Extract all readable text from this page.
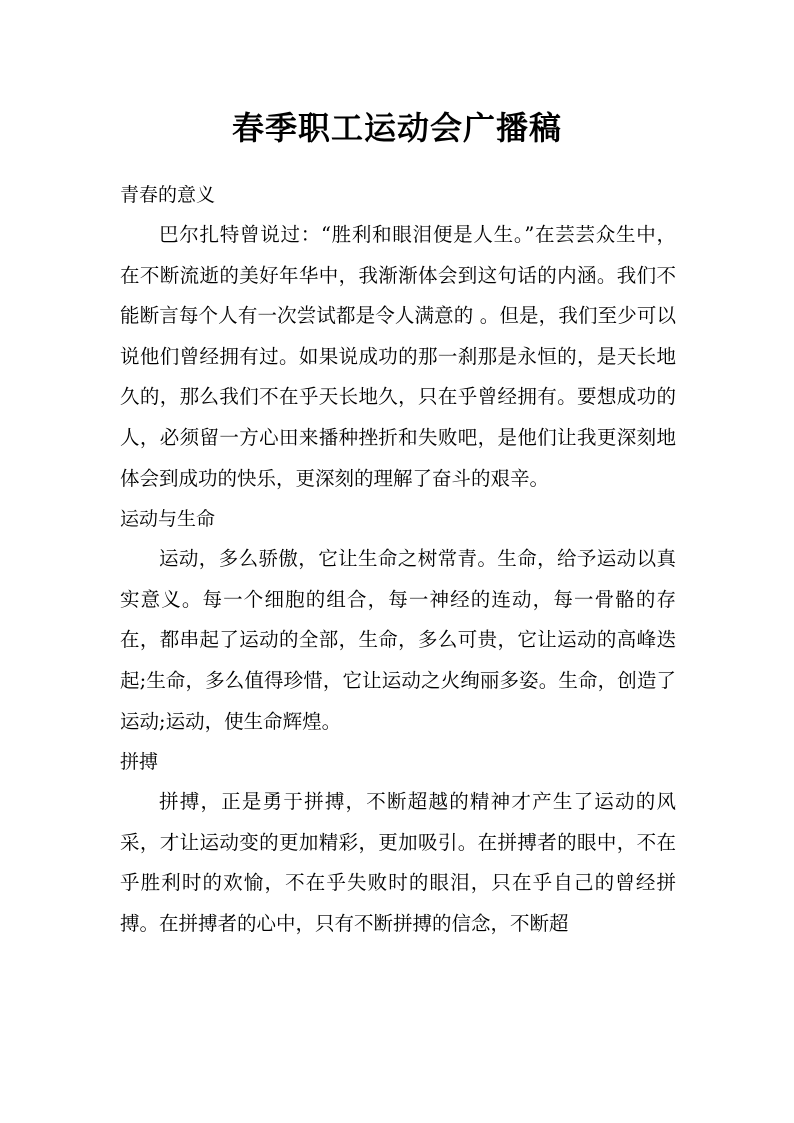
春季职工运动会广播稿

青春的意义

巴尔扎特曾说过：“胜利和眼泪便是人生。”在芸芸众生中，在不断流逝的美好年华中，我渐渐体会到这句话的内涵。我们不能断言每个人有一次尝试都是令人满意的 。但是，我们至少可以说他们曾经拥有过。如果说成功的那一刹那是永恒的，是天长地久的，那么我们不在乎天长地久，只在乎曾经拥有。要想成功的人，必须留一方心田来播种挫折和失败吧，是他们让我更深刻地体会到成功的快乐，更深刻的理解了奋斗的艰辛。

运动与生命

运动，多么骄傲，它让生命之树常青。生命，给予运动以真实意义。每一个细胞的组合，每一神经的连动，每一骨骼的存在，都串起了运动的全部，生命，多么可贵，它让运动的高峰迭起;生命，多么值得珍惜，它让运动之火绚丽多姿。生命，创造了运动;运动，使生命辉煌。

拼搏

拼搏，正是勇于拼搏，不断超越的精神才产生了运动的风采，才让运动变的更加精彩，更加吸引。在拼搏者的眼中，不在乎胜利时的欢愉，不在乎失败时的眼泪，只在乎自己的曾经拼搏。在拼搏者的心中，只有不断拼搏的信念，不断超
